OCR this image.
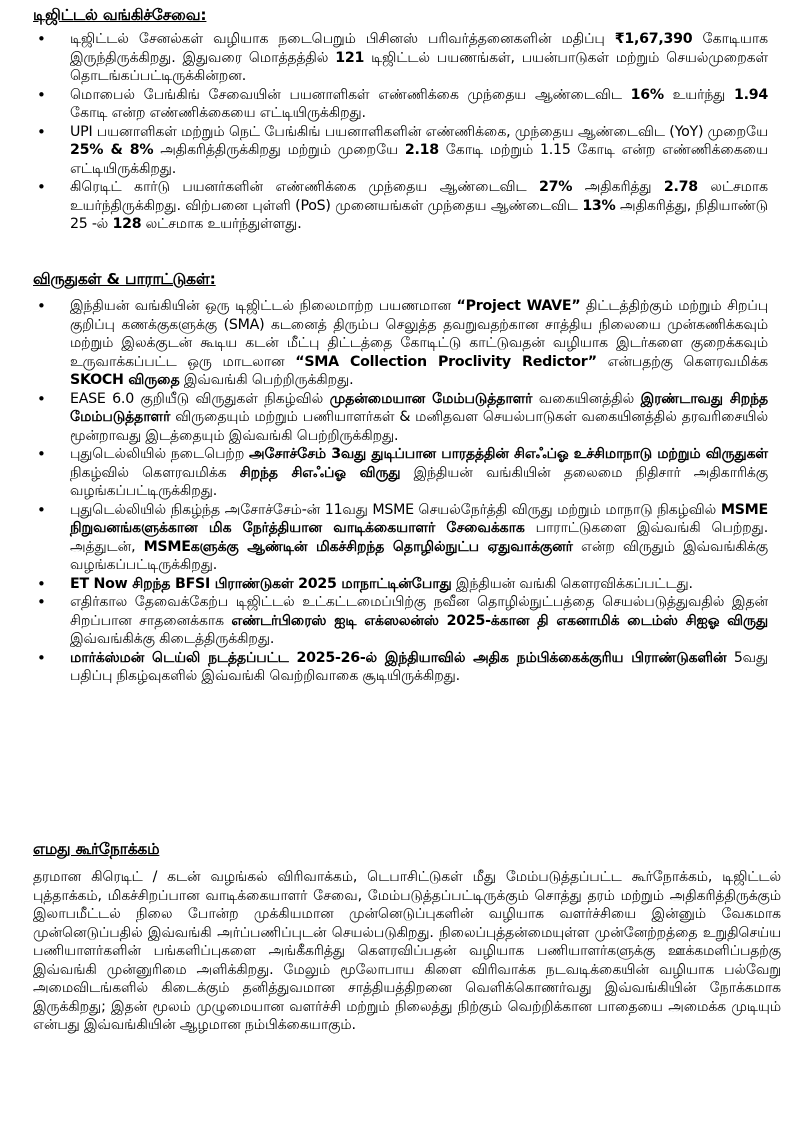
டிஜிட்டல் வங்கிச்சேவை:
• டிஜிட்டல் சேனல்கள் வழியாக நடைபெறும் பிசினஸ் பரிவர்த்தனைகளின் மதிப்பு ₹1,67,390 கோடியாக இருந்திருக்கிறது. இதுவரை மொத்தத்தில் 121 டிஜிட்டல் பயணங்கள், பயன்பாடுகள் மற்றும் செயல்முறைகள் தொடங்கப்பட்டிருக்கின்றன.
• மொபைல் பேங்கிங் சேவையின் பயனாளிகள் எண்ணிக்கை முந்தைய ஆண்டைவிட 16% உயர்ந்து 1.94 கோடி என்ற எண்ணிக்கையை எட்டியிருக்கிறது.
• UPI பயனாளிகள் மற்றும் நெட் பேங்கிங் பயனாளிகளின் எண்ணிக்கை, முந்தைய ஆண்டைவிட (YoY) முறையே 25% & 8% அதிகரித்திருக்கிறது மற்றும் முறையே 2.18 கோடி மற்றும் 1.15 கோடி என்ற எண்ணிக்கையை எட்டியிருக்கிறது.
• கிரெடிட் கார்டு பயனர்களின் எண்ணிக்கை முந்தைய ஆண்டைவிட 27% அதிகரித்து 2.78 லட்சமாக உயர்ந்திருக்கிறது. விற்பனை புள்ளி (PoS) முனையங்கள் முந்தைய ஆண்டைவிட 13% அதிகரித்து, நிதியாண்டு 25 -ல் 128 லட்சமாக உயர்ந்துள்ளது.
விருதுகள் & பாராட்டுகள்:
• இந்தியன் வங்கியின் ஒரு டிஜிட்டல் நிலைமாற்ற பயணமான “Project WAVE” திட்டத்திற்கும் மற்றும் சிறப்பு குறிப்பு கணக்குகளுக்கு (SMA) கடனைத் திரும்ப செலுத்த தவறுவதற்கான சாத்திய நிலையை முன்கணிக்கவும் மற்றும் இலக்குடன் கூடிய கடன் மீட்பு திட்டத்தை கோடிட்டு காட்டுவதன் வழியாக இடர்களை குறைக்கவும் உருவாக்கப்பட்ட ஒரு மாடலான “SMA Collection Proclivity Redictor” என்பதற்கு கௌரவமிக்க SKOCH விருதை இவ்வங்கி பெற்றிருக்கிறது.
• EASE 6.0 குறியீடு விருதுகள் நிகழ்வில் முதன்மையான மேம்படுத்தாளர் வகையினத்தில் இரண்டாவது சிறந்த மேம்படுத்தாளர் விருதையும் மற்றும் பணியாளர்கள் & மனிதவள செயல்பாடுகள் வகையினத்தில் தரவரிசையில் மூன்றாவது இடத்தையும் இவ்வங்கி பெற்றிருக்கிறது.
• புதுடெல்லியில் நடைபெற்ற அசோச்சேம் 3வது துடிப்பான பாரதத்தின் சிஎஃப்ஓ உச்சிமாநாடு மற்றும் விருதுகள் நிகழ்வில் கௌரவமிக்க சிறந்த சிஎஃப்ஓ விருது இந்தியன் வங்கியின் தலைமை நிதிசார் அதிகாரிக்கு வழங்கப்பட்டிருக்கிறது.
• புதுடெல்லியில் நிகழ்ந்த அசோச்சேம்-ன் 11வது MSME செயல்நேர்த்தி விருது மற்றும் மாநாடு நிகழ்வில் MSME நிறுவனங்களுக்கான மிக நேர்த்தியான வாடிக்கையாளர் சேவைக்காக பாராட்டுகளை இவ்வங்கி பெற்றது. அத்துடன், MSMEகளுக்கு ஆண்டின் மிகச்சிறந்த தொழில்நுட்ப ஏதுவாக்குனர் என்ற விருதும் இவ்வங்கிக்கு வழங்கப்பட்டிருக்கிறது.
• ET Now சிறந்த BFSI பிராண்டுகள் 2025 மாநாட்டின்போது இந்தியன் வங்கி கௌரவிக்கப்பட்டது.
• எதிர்கால தேவைக்கேற்ப டிஜிட்டல் உட்கட்டமைப்பிற்கு நவீன தொழில்நுட்பத்தை செயல்படுத்துவதில் இதன் சிறப்பான சாதனைக்காக எண்டர்பிரைஸ் ஐடி எக்ஸலன்ஸ் 2025-க்கான தி எகனாமிக் டைம்ஸ் சிஐஓ விருது இவ்வங்கிக்கு கிடைத்திருக்கிறது.
• மார்க்ஸ்மன் டெய்லி நடத்தப்பட்ட 2025-26-ல் இந்தியாவில் அதிக நம்பிக்கைக்குரிய பிராண்டுகளின் 5வது பதிப்பு நிகழ்வுகளில் இவ்வங்கி வெற்றிவாகை சூடியிருக்கிறது.
எமது கூர்நோக்கம்

தரமான கிரெடிட் / கடன் வழங்கல் விரிவாக்கம், டெபாசிட்டுகள் மீது மேம்படுத்தப்பட்ட கூர்நோக்கம், டிஜிட்டல் புத்தாக்கம், மிகச்சிறப்பான வாடிக்கையாளர் சேவை, மேம்படுத்தப்பட்டிருக்கும் சொத்து தரம் மற்றும் அதிகரித்திருக்கும் இலாபமீட்டல் நிலை போன்ற முக்கியமான முன்னெடுப்புகளின் வழியாக வளர்ச்சியை இன்னும் வேகமாக முன்னெடுப்பதில் இவ்வங்கி அர்ப்பணிப்புடன் செயல்படுகிறது. நிலைப்புத்தன்மையுள்ள முன்னேற்றத்தை உறுதிசெய்ய பணியாளர்களின் பங்களிப்புகளை அங்கீகரித்து கௌரவிப்பதன் வழியாக பணியாளர்களுக்கு ஊக்கமளிப்பதற்கு இவ்வங்கி முன்னுரிமை அளிக்கிறது. மேலும் மூலோபாய கிளை விரிவாக்க நடவடிக்கையின் வழியாக பல்வேறு அமைவிடங்களில் கிடைக்கும் தனித்துவமான சாத்தியத்திறனை வெளிக்கொணர்வது இவ்வங்கியின் நோக்கமாக இருக்கிறது; இதன் மூலம் முழுமையான வளர்ச்சி மற்றும் நிலைத்து நிற்கும் வெற்றிக்கான பாதையை அமைக்க முடியும் என்பது இவ்வங்கியின் ஆழமான நம்பிக்கையாகும்.
